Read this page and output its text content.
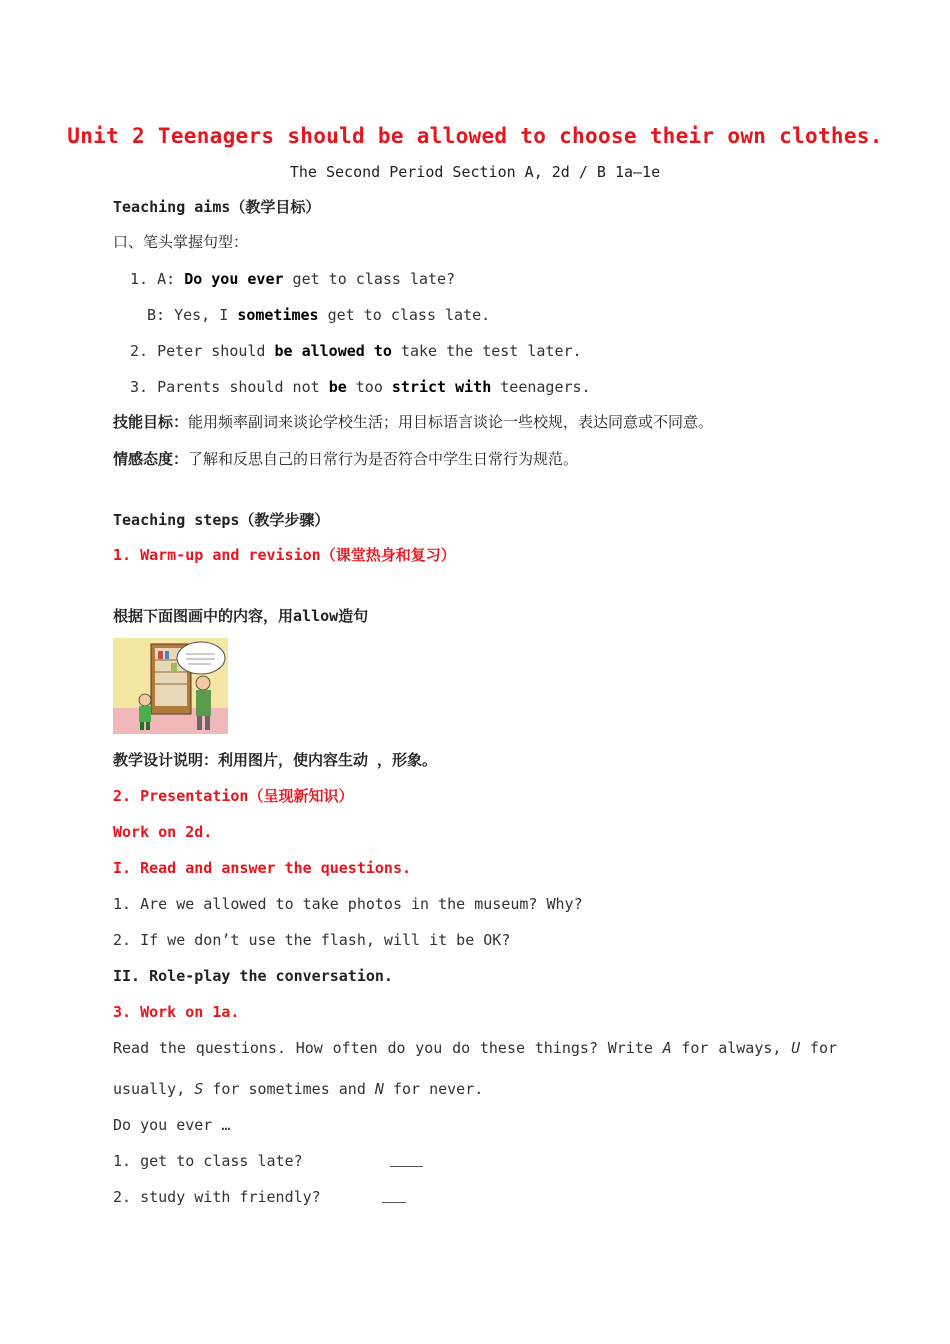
Unit 2 Teenagers should be allowed to choose their own clothes.
The Second Period Section A, 2d / B 1a–1e
Teaching aims（教学目标）
口、笔头掌握句型：
1. A: Do you ever get to class late?
B: Yes, I sometimes get to class late.
2. Peter should be allowed to take the test later.
3. Parents should not be too strict with teenagers.
技能目标：能用频率副词来谈论学校生活；用目标语言谈论一些校规，表达同意或不同意。
情感态度：了解和反思自己的日常行为是否符合中学生日常行为规范。
Teaching steps（教学步骤）
1. Warm-up and revision（课堂热身和复习）
根据下面图画中的内容，用allow造句
教学设计说明：利用图片，使内容生动 ，形象。
2. Presentation（呈现新知识）
Work on 2d.
I. Read and answer the questions.
1. Are we allowed to take photos in the museum? Why?
2. If we don’t use the flash, will it be OK?
II. Role-play the conversation.
3. Work on 1a.
Read the questions. How often do you do these things? Write A for always, U for
usually, S for sometimes and N for never.
Do you ever …
1. get to class late?
2. study with friendly?
